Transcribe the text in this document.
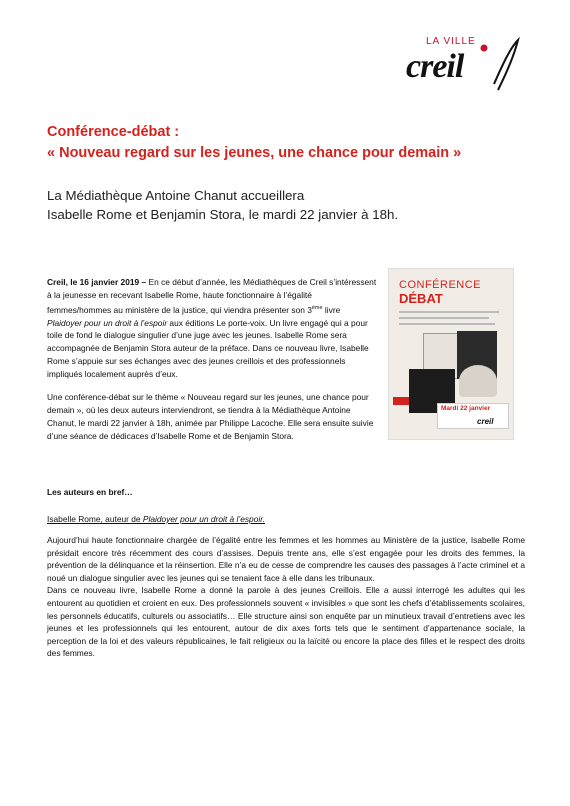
LA VILLE
creil
Conférence-débat :
« Nouveau regard sur les jeunes, une chance pour demain »
La Médiathèque Antoine Chanut accueillera
Isabelle Rome et Benjamin Stora, le mardi 22 janvier à 18h.

Creil, le 16 janvier 2019 – En ce début d’année, les Médiathèques de Creil s’intéressent à la jeunesse en recevant Isabelle Rome, haute fonctionnaire à l’égalité femmes/hommes au ministère de la justice, qui viendra présenter son 3ème livre Plaidoyer pour un droit à l’espoir aux éditions Le porte-voix. Un livre engagé qui a pour toile de fond le dialogue singulier d’une juge avec les jeunes. Isabelle Rome sera accompagnée de Benjamin Stora auteur de la préface. Dans ce nouveau livre, Isabelle Rome s’appuie sur ses échanges avec des jeunes creillois et des professionnels impliqués localement auprès d’eux.

Une conférence-débat sur le thème « Nouveau regard sur les jeunes, une chance pour demain », où les deux auteurs interviendront, se tiendra à la Médiathèque Antoine Chanut, le mardi 22 janvier à 18h, animée par Philippe Lacoche. Elle sera ensuite suivie d’une séance de dédicaces d’Isabelle Rome et de Benjamin Stora.

CONFÉRENCE
DÉBAT
Mardi 22 janvier
creil
Les auteurs en bref…
Isabelle Rome, auteur de Plaidoyer pour un droit à l’espoir.

Aujourd’hui haute fonctionnaire chargée de l’égalité entre les femmes et les hommes au Ministère de la justice, Isabelle Rome présidait encore très récemment des cours d’assises. Depuis trente ans, elle s’est engagée pour les droits des femmes, la prévention de la délinquance et la réinsertion. Elle n’a eu de cesse de comprendre les causes des passages à l’acte criminel et a noué un dialogue singulier avec les jeunes qui se tenaient face à elle dans les tribunaux.

Dans ce nouveau livre, Isabelle Rome a donné la parole à des jeunes Creillois. Elle a aussi interrogé les adultes qui les entourent au quotidien et croient en eux. Des professionnels souvent « invisibles » que sont les chefs d’établissements scolaires, les personnels éducatifs, culturels ou associatifs… Elle structure ainsi son enquête par un minutieux travail d’entretiens avec les jeunes et les professionnels qui les entourent, autour de dix axes forts tels que le sentiment d’appartenance sociale, la perception de la loi et des valeurs républicaines, le fait religieux ou la laïcité ou encore la place des filles et le respect des droits des femmes.
